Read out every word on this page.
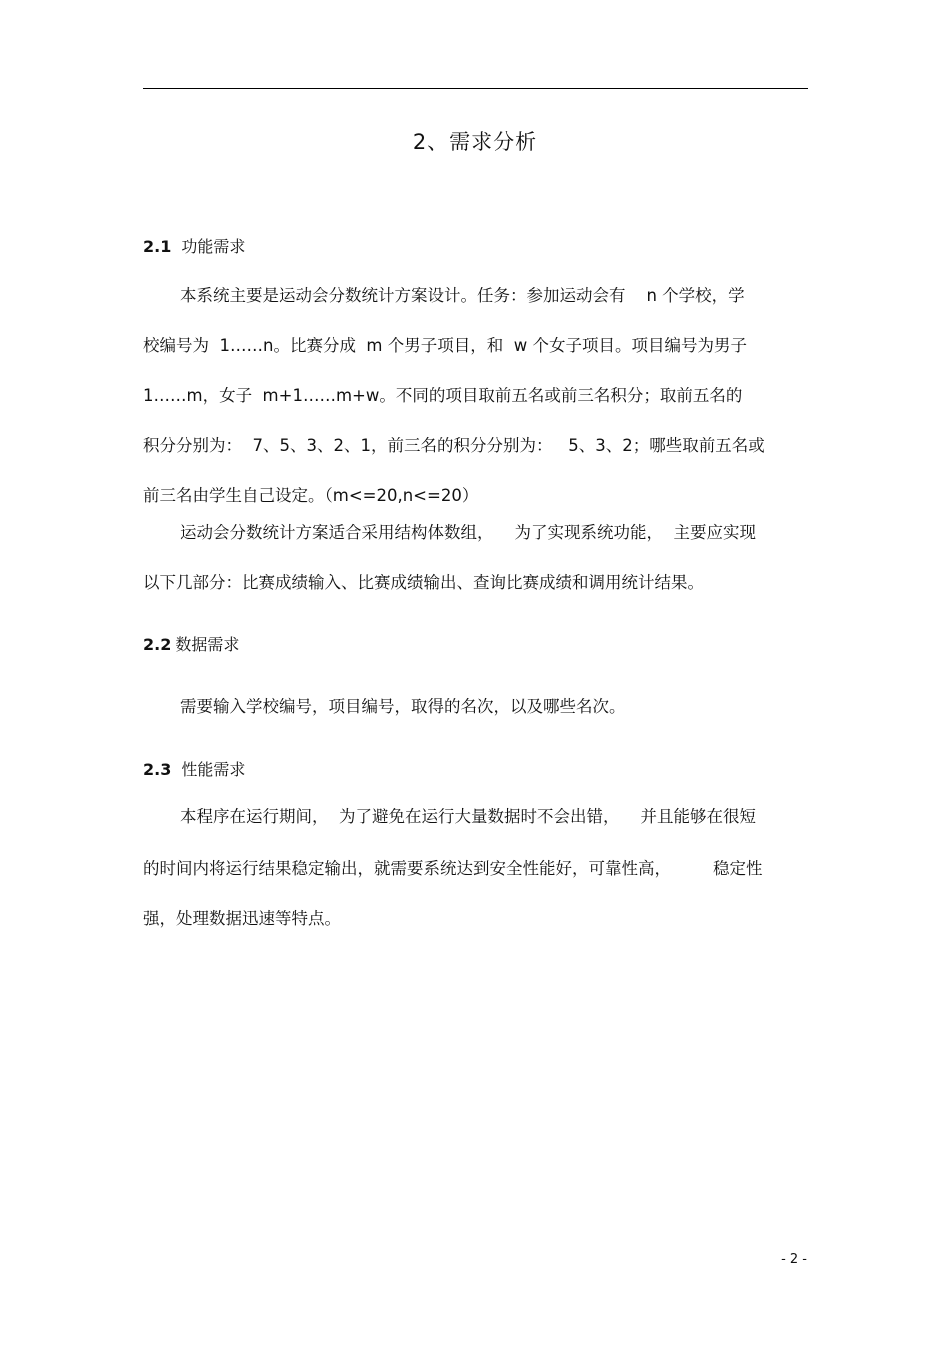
2、需求分析
2.1 功能需求
本系统主要是运动会分数统计方案设计。任务：参加运动会有    n 个学校，学
校编号为  1……n。比赛分成  m 个男子项目，和  w 个女子项目。项目编号为男子
1……m，女子  m+1……m+w。不同的项目取前五名或前三名积分；取前五名的
积分分别为：  7、5、3、2、1，前三名的积分分别为：   5、3、2；哪些取前五名或
前三名由学生自己设定。（m<=20,n<=20）
运动会分数统计方案适合采用结构体数组，    为了实现系统功能，  主要应实现
以下几部分：比赛成绩输入、比赛成绩输出、查询比赛成绩和调用统计结果。
2.2 数据需求
需要输入学校编号，项目编号，取得的名次，以及哪些名次。
2.3 性能需求
本程序在运行期间，  为了避免在运行大量数据时不会出错，    并且能够在很短
的时间内将运行结果稳定输出，就需要系统达到安全性能好，可靠性高，        稳定性
强，处理数据迅速等特点。
- 2 -
